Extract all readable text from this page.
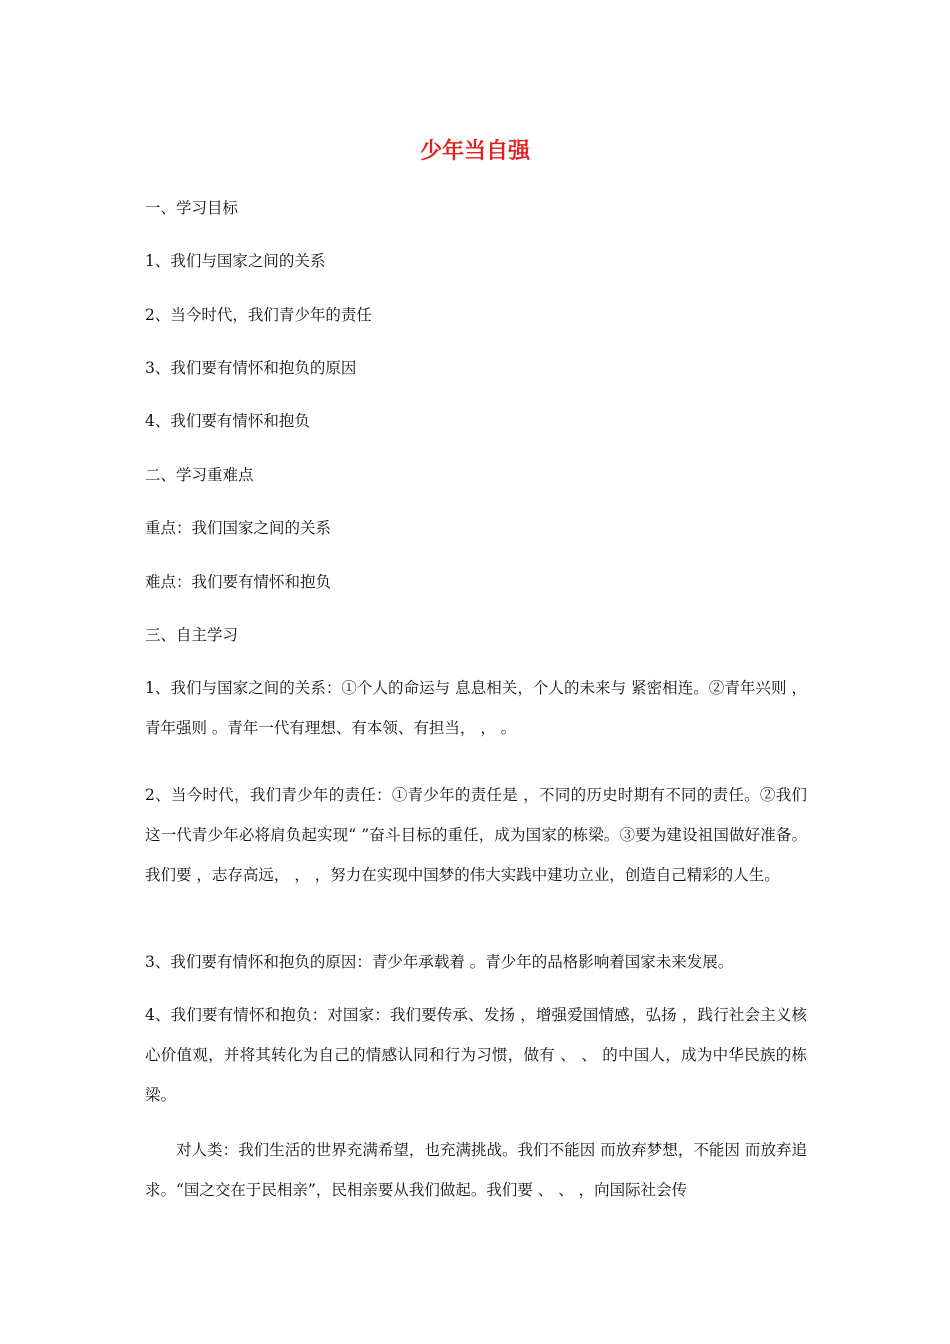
少年当自强
一、学习目标
1、我们与国家之间的关系
2、当今时代，我们青少年的责任
3、我们要有情怀和抱负的原因
4、我们要有情怀和抱负
二、学习重难点
重点：我们国家之间的关系
难点：我们要有情怀和抱负
三、自主学习
1、我们与国家之间的关系：①个人的命运与 息息相关，个人的未来与 紧密相连。②青年兴则 ，青年强则 。青年一代有理想、有本领、有担当， ， 。
2、当今时代，我们青少年的责任：①青少年的责任是 ，不同的历史时期有不同的责任。②我们这一代青少年必将肩负起实现“ ”奋斗目标的重任，成为国家的栋梁。③要为建设祖国做好准备。我们要 ，志存高远， ， ，努力在实现中国梦的伟大实践中建功立业，创造自己精彩的人生。
3、我们要有情怀和抱负的原因：青少年承载着 。青少年的品格影响着国家未来发展。
4、我们要有情怀和抱负：对国家：我们要传承、发扬 ，增强爱国情感，弘扬 ，践行社会主义核心价值观，并将其转化为自己的情感认同和行为习惯，做有 、 、 的中国人，成为中华民族的栋梁。
对人类：我们生活的世界充满希望，也充满挑战。我们不能因 而放弃梦想，不能因 而放弃追求。“国之交在于民相亲”，民相亲要从我们做起。我们要 、 、 ，向国际社会传
